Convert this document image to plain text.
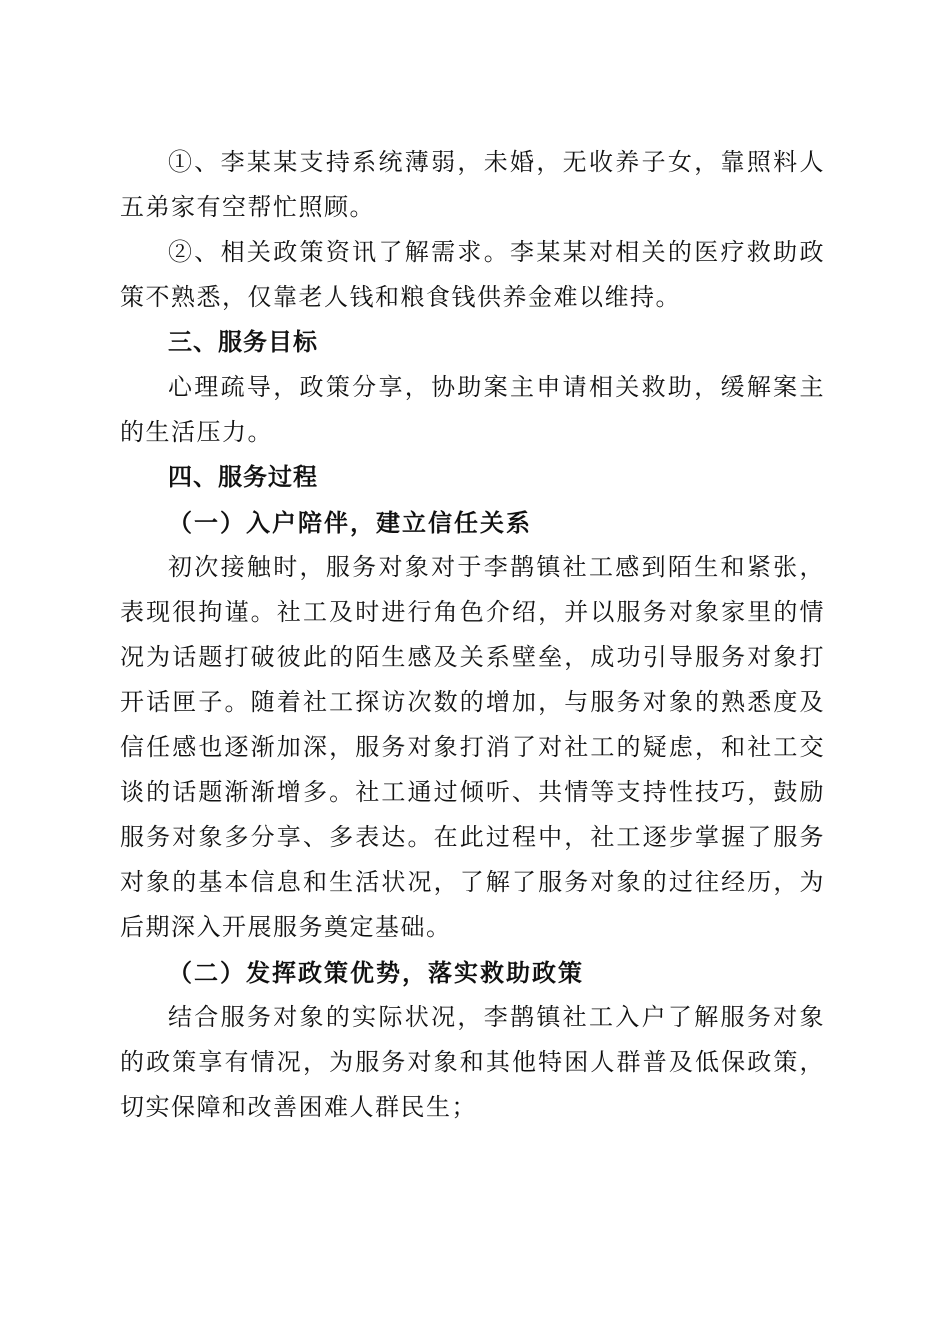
①、李某某支持系统薄弱，未婚，无收养子女，靠照料人五弟家有空帮忙照顾。

②、相关政策资讯了解需求。李某某对相关的医疗救助政策不熟悉，仅靠老人钱和粮食钱供养金难以维持。

三、服务目标

心理疏导，政策分享，协助案主申请相关救助，缓解案主的生活压力。

四、服务过程

（一）入户陪伴，建立信任关系

初次接触时，服务对象对于李鹊镇社工感到陌生和紧张，表现很拘谨。社工及时进行角色介绍，并以服务对象家里的情况为话题打破彼此的陌生感及关系壁垒，成功引导服务对象打开话匣子。随着社工探访次数的增加，与服务对象的熟悉度及信任感也逐渐加深，服务对象打消了对社工的疑虑，和社工交谈的话题渐渐增多。社工通过倾听、共情等支持性技巧，鼓励服务对象多分享、多表达。在此过程中，社工逐步掌握了服务对象的基本信息和生活状况，了解了服务对象的过往经历，为后期深入开展服务奠定基础。

（二）发挥政策优势，落实救助政策

结合服务对象的实际状况，李鹊镇社工入户了解服务对象的政策享有情况，为服务对象和其他特困人群普及低保政策，切实保障和改善困难人群民生；
